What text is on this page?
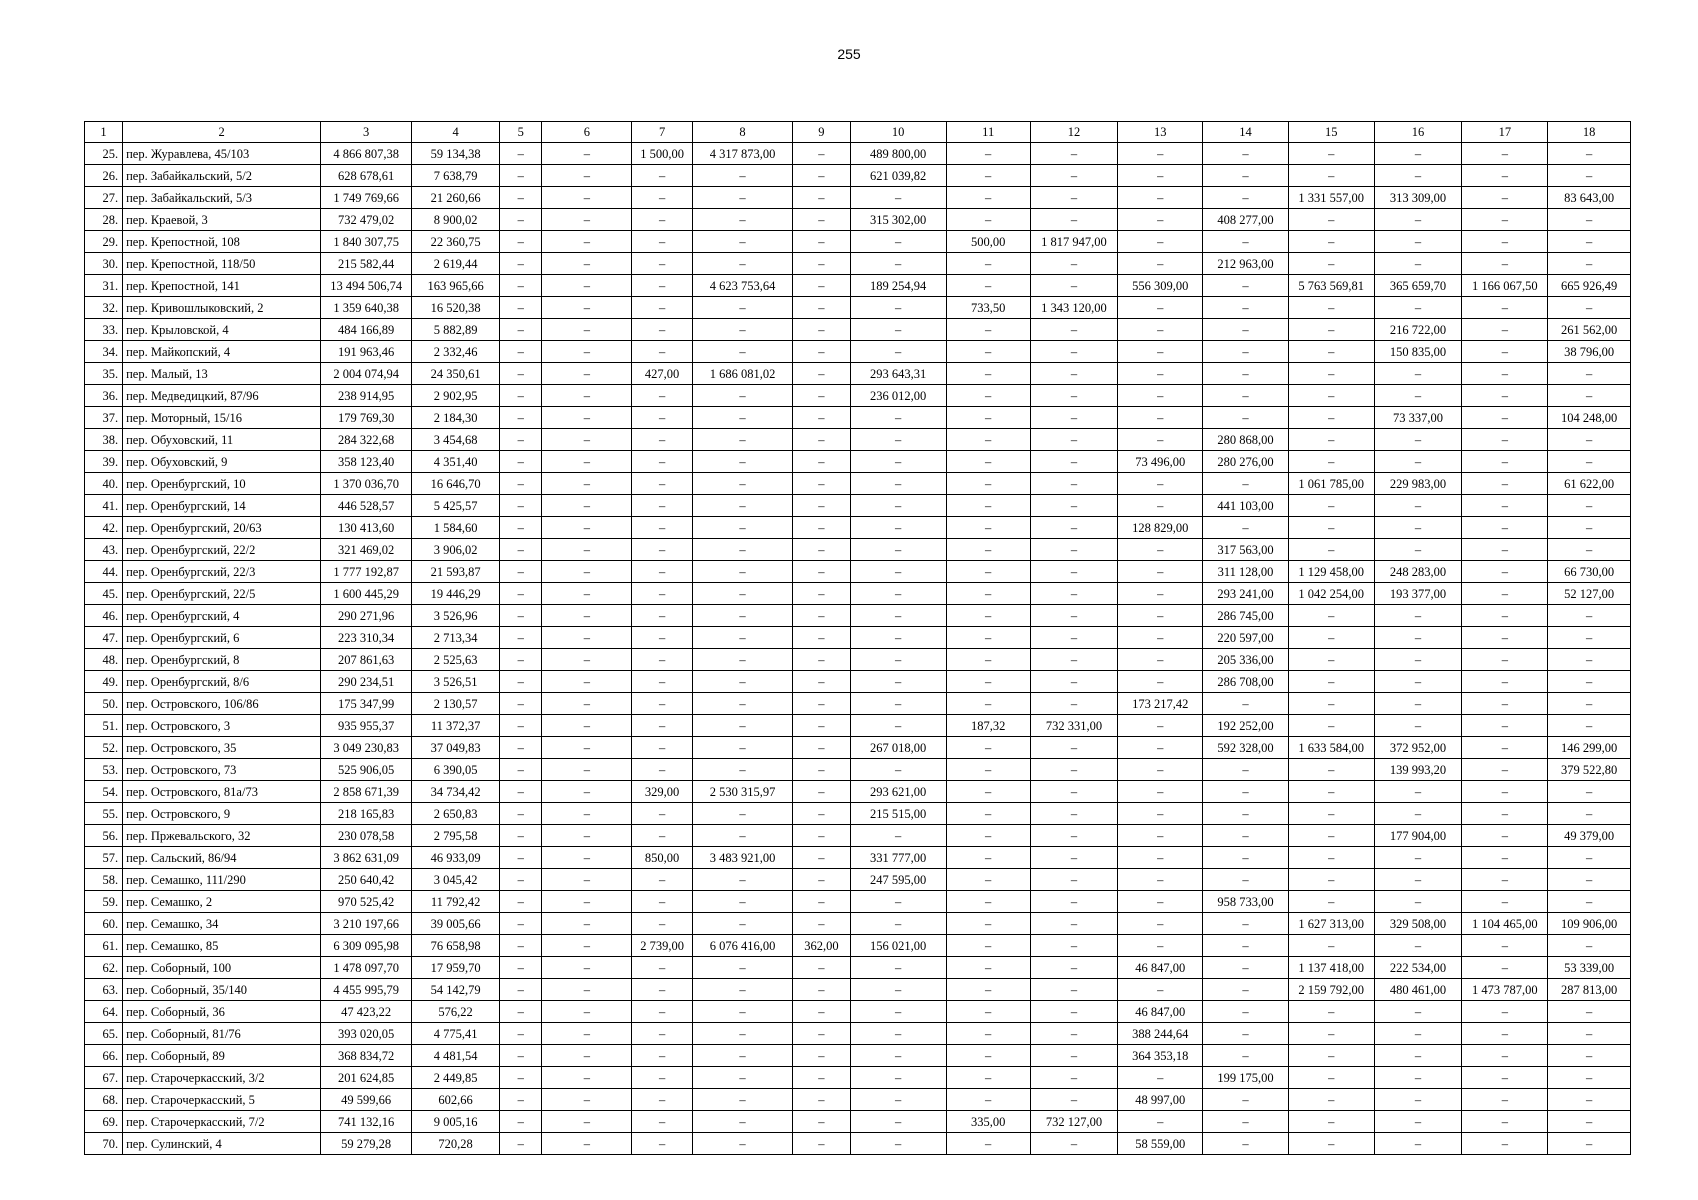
255
1	2	3	4	5	6	7	8	9	10	11	12	13	14	15	16	17	18
25.	пер. Журавлева, 45/103	4 866 807,38	59 134,38	–	–	1 500,00	4 317 873,00	–	489 800,00	–	–	–	–	–	–	–	–
26.	пер. Забайкальский, 5/2	628 678,61	7 638,79	–	–	–	–	–	621 039,82	–	–	–	–	–	–	–	–
27.	пер. Забайкальский, 5/3	1 749 769,66	21 260,66	–	–	–	–	–	–	–	–	–	–	1 331 557,00	313 309,00	–	83 643,00
28.	пер. Краевой, 3	732 479,02	8 900,02	–	–	–	–	–	315 302,00	–	–	–	408 277,00	–	–	–	–
29.	пер. Крепостной, 108	1 840 307,75	22 360,75	–	–	–	–	–	–	500,00	1 817 947,00	–	–	–	–	–	–
30.	пер. Крепостной, 118/50	215 582,44	2 619,44	–	–	–	–	–	–	–	–	–	212 963,00	–	–	–	–
31.	пер. Крепостной, 141	13 494 506,74	163 965,66	–	–	–	4 623 753,64	–	189 254,94	–	–	556 309,00	–	5 763 569,81	365 659,70	1 166 067,50	665 926,49
32.	пер. Кривошлыковский, 2	1 359 640,38	16 520,38	–	–	–	–	–	–	733,50	1 343 120,00	–	–	–	–	–	–
33.	пер. Крыловской, 4	484 166,89	5 882,89	–	–	–	–	–	–	–	–	–	–	–	216 722,00	–	261 562,00
34.	пер. Майкопский, 4	191 963,46	2 332,46	–	–	–	–	–	–	–	–	–	–	–	150 835,00	–	38 796,00
35.	пер. Малый, 13	2 004 074,94	24 350,61	–	–	427,00	1 686 081,02	–	293 643,31	–	–	–	–	–	–	–	–
36.	пер. Медведицкий, 87/96	238 914,95	2 902,95	–	–	–	–	–	236 012,00	–	–	–	–	–	–	–	–
37.	пер. Моторный, 15/16	179 769,30	2 184,30	–	–	–	–	–	–	–	–	–	–	–	73 337,00	–	104 248,00
38.	пер. Обуховский, 11	284 322,68	3 454,68	–	–	–	–	–	–	–	–	–	280 868,00	–	–	–	–
39.	пер. Обуховский, 9	358 123,40	4 351,40	–	–	–	–	–	–	–	–	73 496,00	280 276,00	–	–	–	–
40.	пер. Оренбургский, 10	1 370 036,70	16 646,70	–	–	–	–	–	–	–	–	–	–	1 061 785,00	229 983,00	–	61 622,00
41.	пер. Оренбургский, 14	446 528,57	5 425,57	–	–	–	–	–	–	–	–	–	441 103,00	–	–	–	–
42.	пер. Оренбургский, 20/63	130 413,60	1 584,60	–	–	–	–	–	–	–	–	128 829,00	–	–	–	–	–
43.	пер. Оренбургский, 22/2	321 469,02	3 906,02	–	–	–	–	–	–	–	–	–	317 563,00	–	–	–	–
44.	пер. Оренбургский, 22/3	1 777 192,87	21 593,87	–	–	–	–	–	–	–	–	–	311 128,00	1 129 458,00	248 283,00	–	66 730,00
45.	пер. Оренбургский, 22/5	1 600 445,29	19 446,29	–	–	–	–	–	–	–	–	–	293 241,00	1 042 254,00	193 377,00	–	52 127,00
46.	пер. Оренбургский, 4	290 271,96	3 526,96	–	–	–	–	–	–	–	–	–	286 745,00	–	–	–	–
47.	пер. Оренбургский, 6	223 310,34	2 713,34	–	–	–	–	–	–	–	–	–	220 597,00	–	–	–	–
48.	пер. Оренбургский, 8	207 861,63	2 525,63	–	–	–	–	–	–	–	–	–	205 336,00	–	–	–	–
49.	пер. Оренбургский, 8/6	290 234,51	3 526,51	–	–	–	–	–	–	–	–	–	286 708,00	–	–	–	–
50.	пер. Островского, 106/86	175 347,99	2 130,57	–	–	–	–	–	–	–	–	173 217,42	–	–	–	–	–
51.	пер. Островского, 3	935 955,37	11 372,37	–	–	–	–	–	–	187,32	732 331,00	–	192 252,00	–	–	–	–
52.	пер. Островского, 35	3 049 230,83	37 049,83	–	–	–	–	–	267 018,00	–	–	–	592 328,00	1 633 584,00	372 952,00	–	146 299,00
53.	пер. Островского, 73	525 906,05	6 390,05	–	–	–	–	–	–	–	–	–	–	–	139 993,20	–	379 522,80
54.	пер. Островского, 81а/73	2 858 671,39	34 734,42	–	–	329,00	2 530 315,97	–	293 621,00	–	–	–	–	–	–	–	–
55.	пер. Островского, 9	218 165,83	2 650,83	–	–	–	–	–	215 515,00	–	–	–	–	–	–	–	–
56.	пер. Пржевальского, 32	230 078,58	2 795,58	–	–	–	–	–	–	–	–	–	–	–	177 904,00	–	49 379,00
57.	пер. Сальский, 86/94	3 862 631,09	46 933,09	–	–	850,00	3 483 921,00	–	331 777,00	–	–	–	–	–	–	–	–
58.	пер. Семашко, 111/290	250 640,42	3 045,42	–	–	–	–	–	247 595,00	–	–	–	–	–	–	–	–
59.	пер. Семашко, 2	970 525,42	11 792,42	–	–	–	–	–	–	–	–	–	958 733,00	–	–	–	–
60.	пер. Семашко, 34	3 210 197,66	39 005,66	–	–	–	–	–	–	–	–	–	–	1 627 313,00	329 508,00	1 104 465,00	109 906,00
61.	пер. Семашко, 85	6 309 095,98	76 658,98	–	–	2 739,00	6 076 416,00	362,00	156 021,00	–	–	–	–	–	–	–	–
62.	пер. Соборный, 100	1 478 097,70	17 959,70	–	–	–	–	–	–	–	–	46 847,00	–	1 137 418,00	222 534,00	–	53 339,00
63.	пер. Соборный, 35/140	4 455 995,79	54 142,79	–	–	–	–	–	–	–	–	–	–	2 159 792,00	480 461,00	1 473 787,00	287 813,00
64.	пер. Соборный, 36	47 423,22	576,22	–	–	–	–	–	–	–	–	46 847,00	–	–	–	–	–
65.	пер. Соборный, 81/76	393 020,05	4 775,41	–	–	–	–	–	–	–	–	388 244,64	–	–	–	–	–
66.	пер. Соборный, 89	368 834,72	4 481,54	–	–	–	–	–	–	–	–	364 353,18	–	–	–	–	–
67.	пер. Старочеркасский, 3/2	201 624,85	2 449,85	–	–	–	–	–	–	–	–	–	199 175,00	–	–	–	–
68.	пер. Старочеркасский, 5	49 599,66	602,66	–	–	–	–	–	–	–	–	48 997,00	–	–	–	–	–
69.	пер. Старочеркасский, 7/2	741 132,16	9 005,16	–	–	–	–	–	–	335,00	732 127,00	–	–	–	–	–	–
70.	пер. Сулинский, 4	59 279,28	720,28	–	–	–	–	–	–	–	–	58 559,00	–	–	–	–	–
